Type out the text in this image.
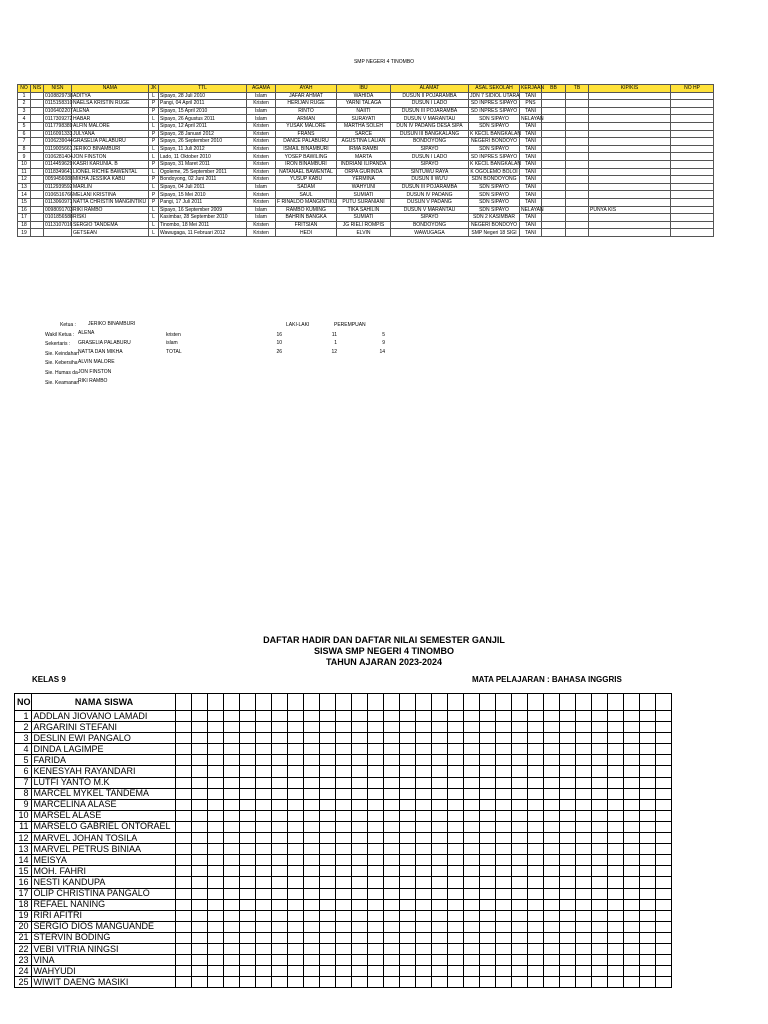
SMP NEGERI 4 TINOMBO
NO	NIS	NISN	NAMA	JK	TTL	AGAMA	AYAH	IBU	ALAMAT	ASAL SEKOLAH	KERJAAN	BB	TB	KIP/KIS	NO HP
1		0108829738	ADITYA	L	Sipayo, 28 Juli 2010	Islam	JAFAR AHMAT	WAHIDA	DUSUN II POJARAMBA	JDN 7 SIDIOL UTARA	TANI				
2		0115158310	NAELSA KRISTIN RUGE	P	Pangi, 04 April 2011	Kristen	HERIJAN RUGE	YARNI TALAGA	DUSUN I LADO	SD INPRES SIPAYO	PNS				
3		0106402207	ALENA	P	Sipayo, 15 April 2010	Islam	RINTO	NAIITI	DUSUN III POJARAMBA	SD INPRES SIPAYO	TANI				
4		0117309272	HABAR	L	Sipayo, 26 Agustus 2011	Islam	ARMAN	SURAYATI	DUSUN V MARANTAU	SDN SIPAYO	NELAYAN				
5		0117798389	ALFIN MALORE	L	Sipayo, 12 April 2011	Kristen	YUSAK MALORE	MARTHA SOLEH	DUN IV PADANG DESA SIPA	SDN SIPAYO	TANI				
6		0116091333	JULYANA	P	Sipayo, 28 Januari 2012	Kristen	FRANS	SARCE	DUSUN III BANGKALANG	K KECIL BANGKALAN	TANI				
7		0106239044	GRASELIA PALABURU	P	Sipayo, 26 September 2010	Kristen	DANCE PALABURU	AGUSTINA LALIAN	BONDOYONG	NEGERI BONDOYO	TANI				
8		0119005661	JERIKO BINAMBURI	L	Sipayo, 11 Juli 2012	Kristen	ISMAIL BINAMBURI	IRMA RAMBI	SIPAYO	SDN SIPAYO	TANI				
9		0106281404	JON FINSTON	L	Lado, 11 Oktober 2010	Kristen	YOSEP BAWILING	MARTA	DUSUN I LADO	SD INPRES SIPAYO	TANI				
10		0114459629	KASRI KARUNIA. B	P	Sipayo, 31 Maret 2011	Kristen	IRON BINAMBURI	INDRIANI ILIPANDA	SIPAYO	K KECIL BANGKALAN	TANI				
11		0118349641	LIONEL RICHIE BAWENTAL	L	Ogoleme, 25 September 2011	Kristen	NATANAEL BAWENTAL	ORPA GURINDA	SINTUWU RAYA	K OGOLEMO BOLOI	TANI				
12		0059456088	MIKHA JESSIKA KABU	P	Bondoyong, 02 Juni 2011	Kristen	YUSUP KABU	YERMINA	DUSUN II WU'U	SDN BONDOYONG	TANI				
13		0112939592	MARLIN	L	Sipayo, 04 Juli 2011	Islam	SADAM	WAHYUNI	DUSUN III POJARAMBA	SDN SIPAYO	TANI				
14		0106516766	MELANI KRISTINA	P	Sipayo, 15 Mei 2010	Kristen	SAUL	SUMIATI	DUSUN IV PADANG	SDN SIPAYO	TANI				
15		0113060971	NATTA CHRISTIN MANGINTIKU	P	Pangi, 17 Juli 2011	Kristen	F RINALDO MANGINTIKU	PUTU SURANIANI	DUSUN V PADANG	SDN SIPAYO	TANI				
16		0098091703	RIKI RAMBO	L	Sipayo, 16 September 2009	Islam	RAMBO KUMING	TIKA SAHILIN	DUSUN V MARANTAU	SDN SIPAYO	NELAYAN			PUNYA KIS	
17		0101856588	RISKI	L	Kasimbar, 28 September 2010	Islam	BAHRIN BANGKA	SUMIATI	SIPAYO	SDN 2 KASIMBAR	TANI				
18		0113107016	SERGIO TANDEMA	L	Tinombo, 18 Mei 2011	Kristen	FRITSIAN	JG RIELI ROMPIS	BONDOYONG	NEGERI BONDOYO	TANI				
19			GETSEAN	L	Wawugaga, 11 Februari 2012	Kristen	HEDI	ELVIN	WAWUGAGA	SMP Negeri 18 SIGI	TANI				
Ketua :	JERIKO BINAMBURI
Wakil Ketua : ALENA
Sekertaris :	GRASELIA PALABURU
Sie. Keindahan NATTA DAN MIKHA
Sie. Kebersiha ALVIN MALORE
Sie. Humas da JON FINSTON
Sie. Keamanan
RIKI RAMBO
LAKI-LAKI	PEREMPUAN
kristen	16	11	5
islam	10	1	9
TOTAL	26	12	14
DAFTAR HADIR DAN DAFTAR NILAI SEMESTER GANJIL
SISWA SMP NEGERI 4 TINOMBO
TAHUN AJARAN 2023-2024
KELAS 9	MATA PELAJARAN : BAHASA INGGRIS
NO	NAMA SISWA																															
1	ADDLAN JIOVANO LAMADI																															
2	ARGARINI STEFANI																															
3	DESLIN EWI PANGALO																															
4	DINDA LAGIMPE																															
5	FARIDA																															
6	KENESYAH RAYANDARI																															
7	LUTFI YANTO M.K																															
8	MARCEL MYKEL TANDEMA																															
9	MARCELINA ALASE																															
10	MARSEL ALASE																															
11	MARSELO GABRIEL ONTORAEL																															
12	MARVEL JOHAN TOSILA																															
13	MARVEL PETRUS BINIAA																															
14	MEISYA																															
15	MOH. FAHRI																															
16	NESTI KANDUPA																															
17	OLIP CHRISTINA PANGALO																															
18	REFAEL NANING																															
19	RIRI AFITRI																															
20	SERGIO DIOS MANGUANDE																															
21	STERVIN BODING																															
22	VEBI VITRIA NINGSI																															
23	VINA																															
24	WAHYUDI																															
25	WIWIT DAENG MASIKI																															
